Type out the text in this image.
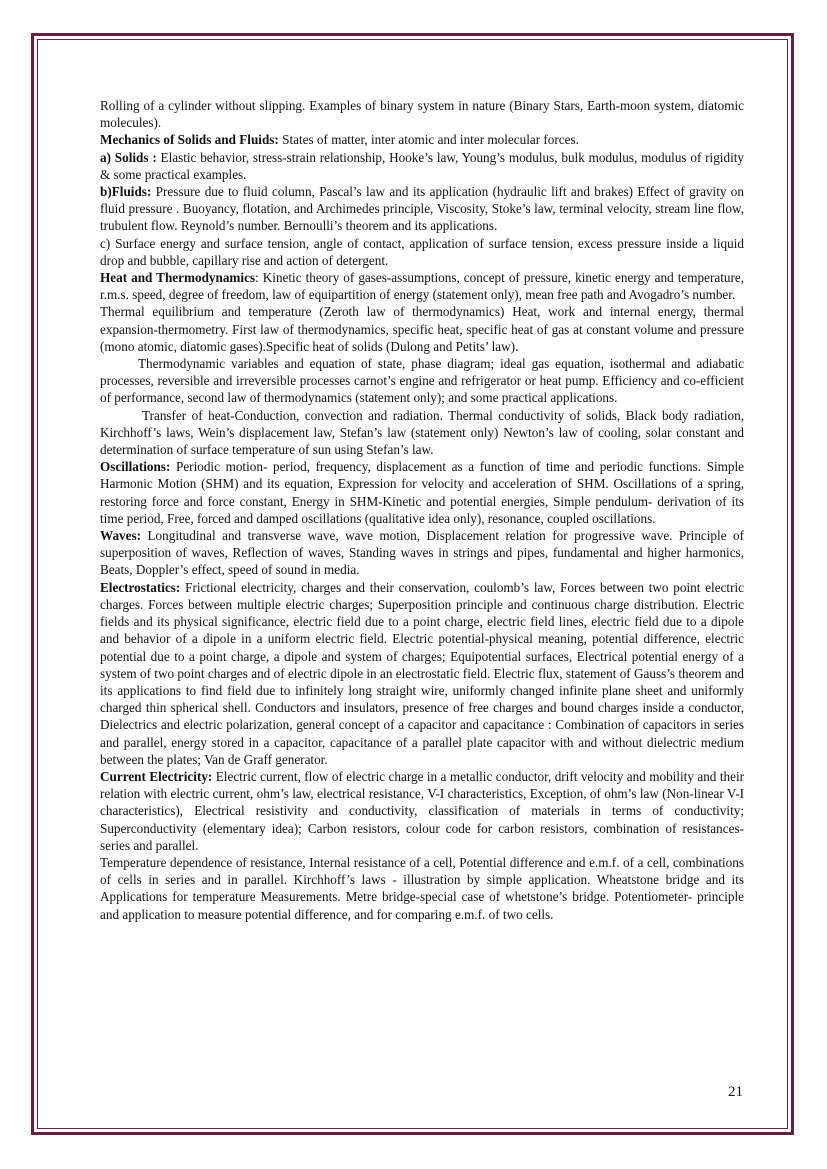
Rolling of a cylinder without slipping. Examples of binary system in nature (Binary Stars, Earth-moon system, diatomic molecules).

Mechanics of Solids and Fluids: States of matter, inter atomic and inter molecular forces.

a) Solids : Elastic behavior, stress-strain relationship, Hooke’s law, Young’s modulus, bulk modulus, modulus of rigidity & some practical examples.

b)Fluids: Pressure due to fluid column, Pascal’s law and its application (hydraulic lift and brakes) Effect of gravity on fluid pressure . Buoyancy, flotation, and Archimedes principle, Viscosity, Stoke’s law, terminal velocity, stream line flow, trubulent flow. Reynold’s number. Bernoulli’s theorem and its applications.

c) Surface energy and surface tension, angle of contact, application of surface tension, excess pressure inside a liquid drop and bubble, capillary rise and action of detergent.

Heat and Thermodynamics: Kinetic theory of gases-assumptions, concept of pressure, kinetic energy and temperature, r.m.s. speed, degree of freedom, law of equipartition of energy (statement only), mean free path and Avogadro’s number.

Thermal equilibrium and temperature (Zeroth law of thermodynamics) Heat, work and internal energy, thermal expansion-thermometry. First law of thermodynamics, specific heat, specific heat of gas at constant volume and pressure (mono atomic, diatomic gases).Specific heat of solids (Dulong and Petits’ law).

Thermodynamic variables and equation of state, phase diagram; ideal gas equation, isothermal and adiabatic processes, reversible and irreversible processes carnot’s engine and refrigerator or heat pump. Efficiency and co-efficient of performance, second law of thermodynamics (statement only); and some practical applications.

Transfer of heat-Conduction, convection and radiation. Thermal conductivity of solids, Black body radiation, Kirchhoff’s laws, Wein’s displacement law, Stefan’s law (statement only) Newton’s law of cooling, solar constant and determination of surface temperature of sun using Stefan’s law.

Oscillations: Periodic motion- period, frequency, displacement as a function of time and periodic functions. Simple Harmonic Motion (SHM) and its equation, Expression for velocity and acceleration of SHM. Oscillations of a spring, restoring force and force constant, Energy in SHM-Kinetic and potential energies, Simple pendulum- derivation of its time period, Free, forced and damped oscillations (qualitative idea only), resonance, coupled oscillations.

Waves: Longitudinal and transverse wave, wave motion, Displacement relation for progressive wave. Principle of superposition of waves, Reflection of waves, Standing waves in strings and pipes, fundamental and higher harmonics, Beats, Doppler’s effect, speed of sound in media.

Electrostatics: Frictional electricity, charges and their conservation, coulomb’s law, Forces between two point electric charges. Forces between multiple electric charges; Superposition principle and continuous charge distribution. Electric fields and its physical significance, electric field due to a point charge, electric field lines, electric field due to a dipole and behavior of a dipole in a uniform electric field. Electric potential-physical meaning, potential difference, electric potential due to a point charge, a dipole and system of charges; Equipotential surfaces, Electrical potential energy of a system of two point charges and of electric dipole in an electrostatic field. Electric flux, statement of Gauss’s theorem and its applications to find field due to infinitely long straight wire, uniformly changed infinite plane sheet and uniformly charged thin spherical shell. Conductors and insulators, presence of free charges and bound charges inside a conductor, Dielectrics and electric polarization, general concept of a capacitor and capacitance : Combination of capacitors in series and parallel, energy stored in a capacitor, capacitance of a parallel plate capacitor with and without dielectric medium between the plates; Van de Graff generator.

Current Electricity: Electric current, flow of electric charge in a metallic conductor, drift velocity and mobility and their relation with electric current, ohm’s law, electrical resistance, V-I characteristics, Exception, of ohm’s law (Non-linear V-I characteristics), Electrical resistivity and conductivity, classification of materials in terms of conductivity; Superconductivity (elementary idea); Carbon resistors, colour code for carbon resistors, combination of resistances- series and parallel.

Temperature dependence of resistance, Internal resistance of a cell, Potential difference and e.m.f. of a cell, combinations of cells in series and in parallel. Kirchhoff’s laws - illustration by simple application. Wheatstone bridge and its Applications for temperature Measurements. Metre bridge-special case of whetstone’s bridge. Potentiometer- principle and application to measure potential difference, and for comparing e.m.f. of two cells.

21
